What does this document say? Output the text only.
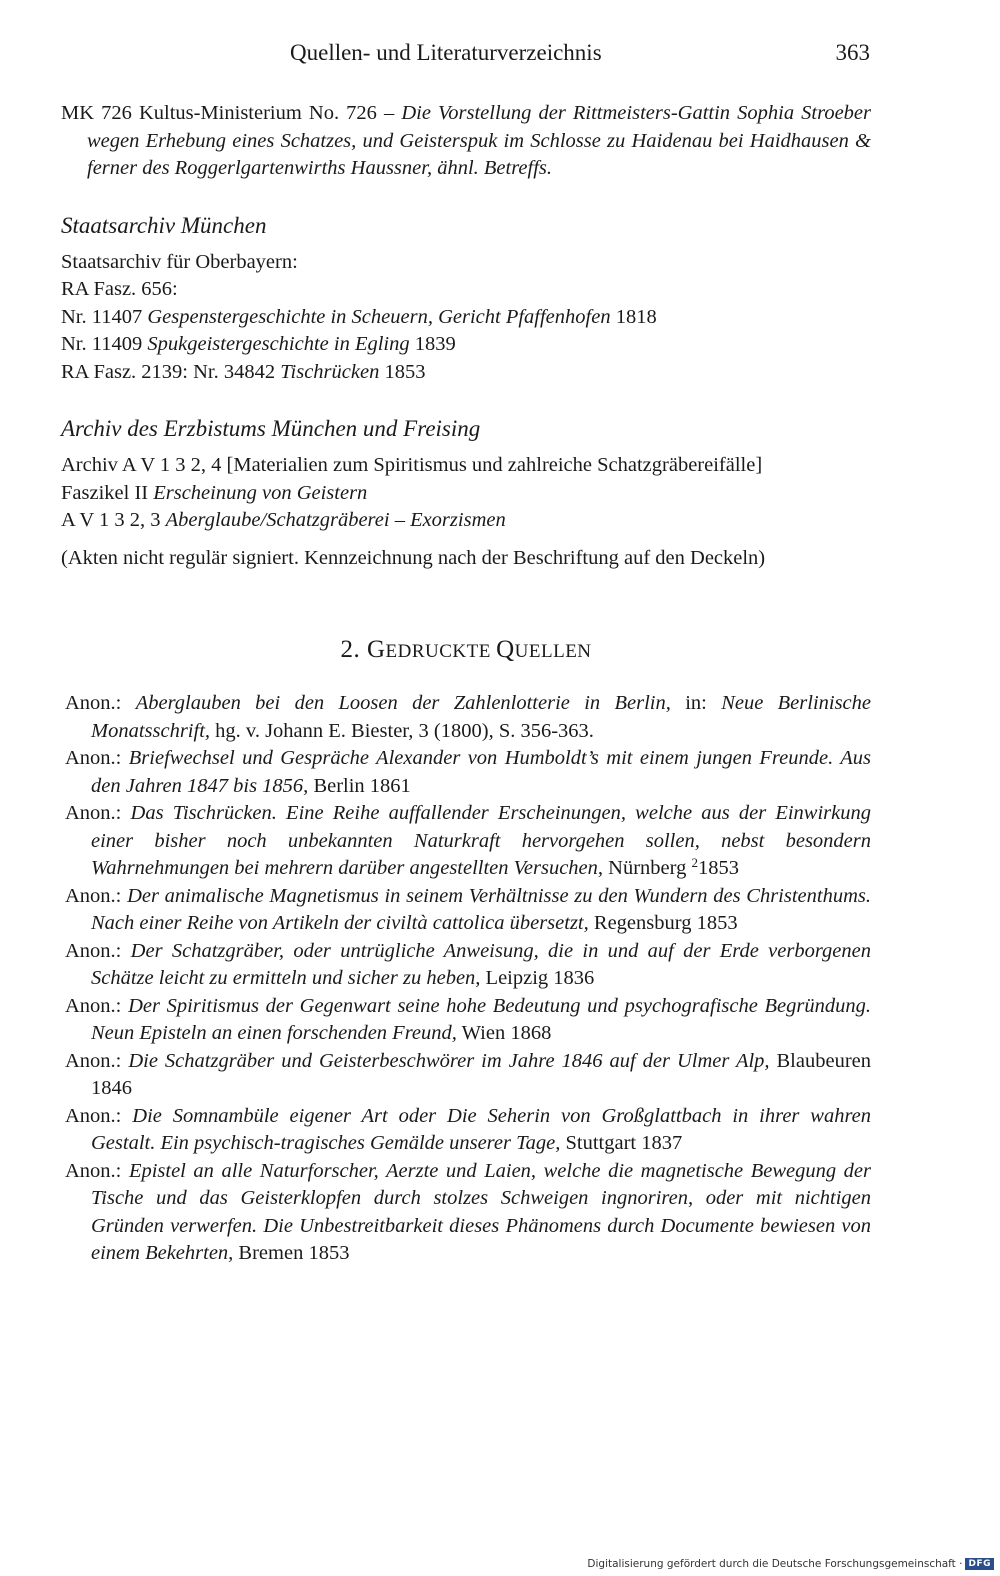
Quellen- und Literaturverzeichnis	363

MK 726 Kultus-Ministerium No. 726 – Die Vorstellung der Rittmeisters-Gattin Sophia Stroeber wegen Erhebung eines Schatzes, und Geisterspuk im Schlosse zu Haidenau bei Haidhausen & ferner des Roggerlgartenwirths Haussner, ähnl. Betreffs.

Staatsarchiv München
Staatsarchiv für Oberbayern:
RA Fasz. 656:
Nr. 11407 Gespenstergeschichte in Scheuern, Gericht Pfaffenhofen 1818
Nr. 11409 Spukgeistergeschichte in Egling 1839
RA Fasz. 2139: Nr. 34842 Tischrücken 1853
Archiv des Erzbistums München und Freising

Archiv A V 1 3 2, 4 [Materialien zum Spiritismus und zahlreiche Schatzgräbereifälle]

Faszikel II Erscheinung von Geistern
A V 1 3 2, 3 Aberglaube/Schatzgräberei – Exorzismen

(Akten nicht regulär signiert. Kennzeichnung nach der Beschriftung auf den Deckeln)

2. GEDRUCKTE QUELLEN

Anon.: Aberglauben bei den Loosen der Zahlenlotterie in Berlin, in: Neue Berlinische Monatsschrift, hg. v. Johann E. Biester, 3 (1800), S. 356-363.

Anon.: Briefwechsel und Gespräche Alexander von Humboldt’s mit einem jungen Freunde. Aus den Jahren 1847 bis 1856, Berlin 1861

Anon.: Das Tischrücken. Eine Reihe auffallender Erscheinungen, welche aus der Einwirkung einer bisher noch unbekannten Naturkraft hervorgehen sollen, nebst besondern Wahrnehmungen bei mehrern darüber angestellten Versuchen, Nürnberg $^2$1853

Anon.: Der animalische Magnetismus in seinem Verhältnisse zu den Wundern des Christenthums. Nach einer Reihe von Artikeln der civiltà cattolica übersetzt, Regensburg 1853

Anon.: Der Schatzgräber, oder untrügliche Anweisung, die in und auf der Erde verborgenen Schätze leicht zu ermitteln und sicher zu heben, Leipzig 1836

Anon.: Der Spiritismus der Gegenwart seine hohe Bedeutung und psychografische Begründung. Neun Episteln an einen forschenden Freund, Wien 1868

Anon.: Die Schatzgräber und Geisterbeschwörer im Jahre 1846 auf der Ulmer Alp, Blaubeuren 1846

Anon.: Die Somnambüle eigener Art oder Die Seherin von Großglattbach in ihrer wahren Gestalt. Ein psychisch-tragisches Gemälde unserer Tage, Stuttgart 1837

Anon.: Epistel an alle Naturforscher, Aerzte und Laien, welche die magnetische Bewegung der Tische und das Geisterklopfen durch stolzes Schweigen ingnoriren, oder mit nichtigen Gründen verwerfen. Die Unbestreitbarkeit dieses Phänomens durch Documente bewiesen von einem Bekehrten, Bremen 1853

Digitalisierung gefördert durch die Deutsche Forschungsgemeinschaft · DFG
